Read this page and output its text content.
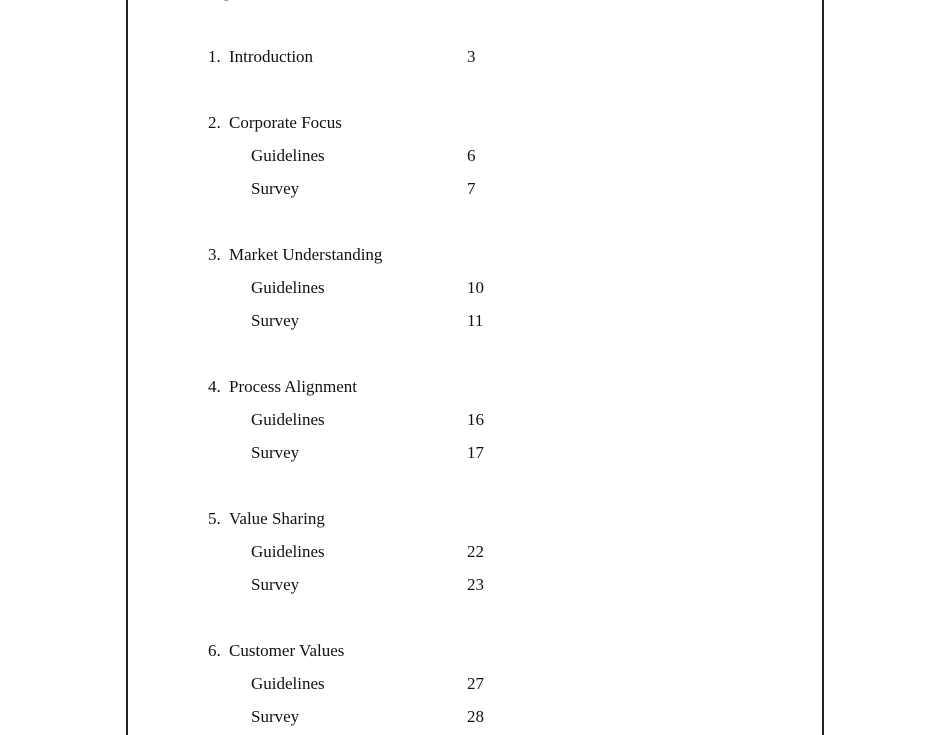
1. Introduction	3
2. Corporate Focus
Guidelines	6
Survey	7
3. Market Understanding
Guidelines	10
Survey	11
4. Process Alignment
Guidelines	16
Survey	17
5. Value Sharing
Guidelines	22
Survey	23
6. Customer Values
Guidelines	27
Survey	28
